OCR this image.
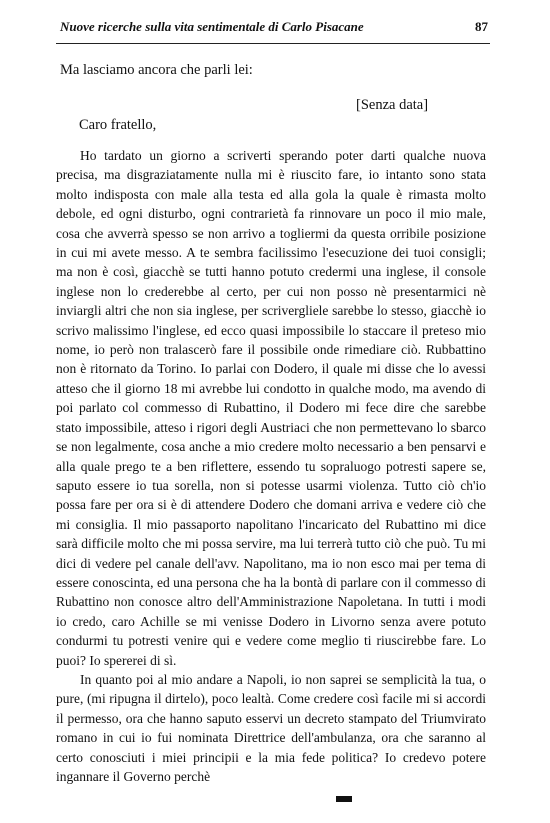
Nuove ricerche sulla vita sentimentale di Carlo Pisacane	87
Ma lasciamo ancora che parli lei:
[Senza data]
Caro fratello,

Ho tardato un giorno a scriverti sperando poter darti qualche nuova precisa, ma disgraziatamente nulla mi è riuscito fare, io intanto sono stata molto indisposta con male alla testa ed alla gola la quale è rimasta molto debole, ed ogni disturbo, ogni contrarietà fa rinnovare un poco il mio male, cosa che avverrà spesso se non arrivo a togliermi da questa orribile posizione in cui mi avete messo. A te sembra facilissimo l'esecuzione dei tuoi consigli; ma non è così, giacchè se tutti hanno potuto credermi una inglese, il console inglese non lo crederebbe al certo, per cui non posso nè presentarmici nè inviargli altri che non sia inglese, per scrivergliele sarebbe lo stesso, giacchè io scrivo malissimo l'inglese, ed ecco quasi impossibile lo staccare il preteso mio nome, io però non tralascerò fare il possibile onde rimediare ciò. Rubbattino non è ritornato da Torino. Io parlai con Dodero, il quale mi disse che lo avessi atteso che il giorno 18 mi avrebbe lui condotto in qualche modo, ma avendo di poi parlato col commesso di Rubattino, il Dodero mi fece dire che sarebbe stato impossibile, atteso i rigori degli Austriaci che non permettevano lo sbarco se non legalmente, cosa anche a mio credere molto necessario a ben pensarvi e alla quale prego te a ben riflettere, essendo tu sopraluogo potresti sapere se, saputo essere io tua sorella, non si potesse usarmi violenza. Tutto ciò ch'io possa fare per ora si è di attendere Dodero che domani arriva e vedere ciò che mi consiglia. Il mio passaporto napolitano l'incaricato del Rubattino mi dice sarà difficile molto che mi possa servire, ma lui terrerà tutto ciò che può. Tu mi dici di vedere pel canale dell'avv. Napolitano, ma io non esco mai per tema di essere conoscinta, ed una persona che ha la bontà di parlare con il commesso di Rubattino non conosce altro dell'Amministrazione Napoletana. In tutti i modi io credo, caro Achille se mi venisse Dodero in Livorno senza avere potuto condurmi tu potresti venire qui e vedere come meglio ti riuscirebbe fare. Lo puoi? Io spererei di sì.

In quanto poi al mio andare a Napoli, io non saprei se semplicità la tua, o pure, (mi ripugna il dirtelo), poco lealtà. Come credere così facile mi si accordi il permesso, ora che hanno saputo esservi un decreto stampato del Triumvirato romano in cui io fui nominata Direttrice dell'ambulanza, ora che saranno al certo conosciuti i miei principii e la mia fede politica? Io credevo potere ingannare il Governo perchè
